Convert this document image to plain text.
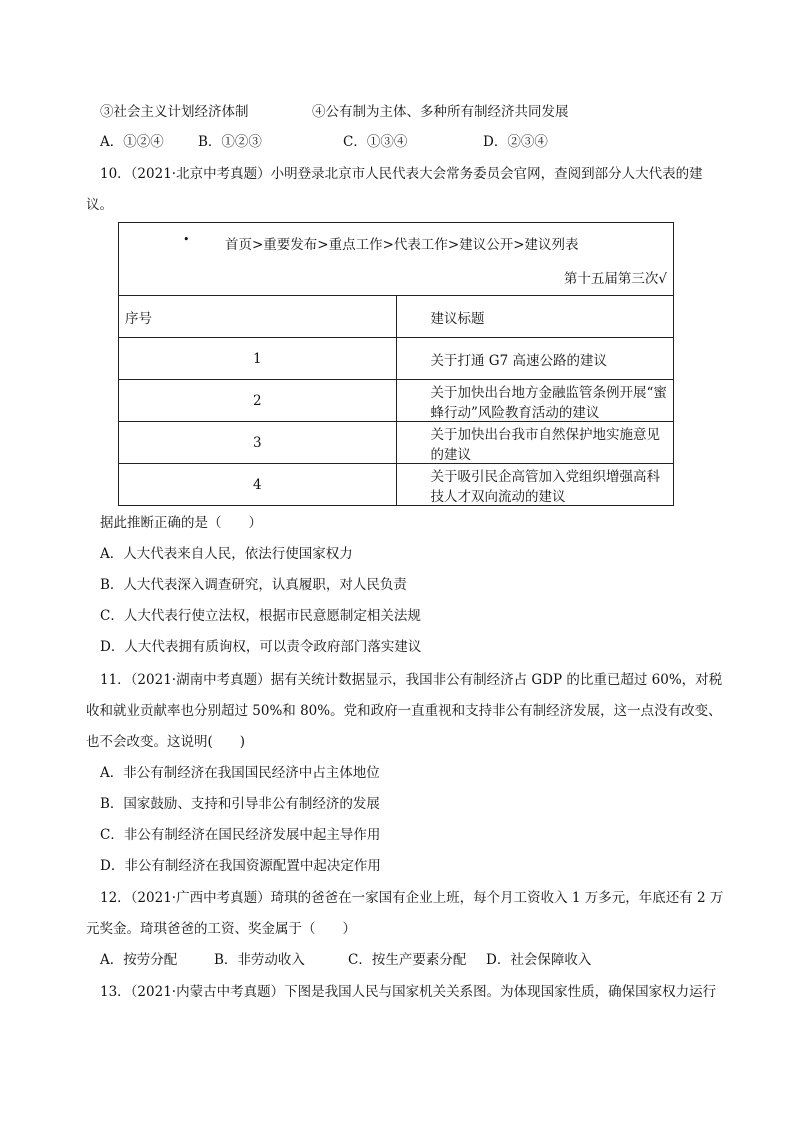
③社会主义计划经济体制	④公有制为主体、多种所有制经济共同发展
A．①②④	B．①②③	C．①③④	D．②③④
10．（2021·北京中考真题）小明登录北京市人民代表大会常务委员会官网，查阅到部分人大代表的建
议。
• 首页>重要发布>重点工作>代表工作>建议公开>建议列表
第十五届第三次√	

序号	建议标题
1	关于打通 G7 高速公路的建议
2	关于加快出台地方金融监管条例开展“蜜蜂行动”风险教育活动的建议
3	关于加快出台我市自然保护地实施意见的建议
4	关于吸引民企高管加入党组织增强高科技人才双向流动的建议
据此推断正确的是（　　）
A．人大代表来自人民，依法行使国家权力
B．人大代表深入调查研究，认真履职，对人民负责
C．人大代表行使立法权，根据市民意愿制定相关法规
D．人大代表拥有质询权，可以责令政府部门落实建议
11．（2021·湖南中考真题）据有关统计数据显示，我国非公有制经济占 GDP 的比重已超过 60%，对税
收和就业贡献率也分别超过 50%和 80%。党和政府一直重视和支持非公有制经济发展，这一点没有改变、
也不会改变。这说明(　　)
A．非公有制经济在我国国民经济中占主体地位
B．国家鼓励、支持和引导非公有制经济的发展
C．非公有制经济在国民经济发展中起主导作用
D．非公有制经济在我国资源配置中起决定作用
12．（2021·广西中考真题）琦琪的爸爸在一家国有企业上班，每个月工资收入 1 万多元，年底还有 2 万
元奖金。琦琪爸爸的工资、奖金属于（　　）
A．按劳分配	B．非劳动收入	C．按生产要素分配 D．社会保障收入
13．（2021·内蒙古中考真题）下图是我国人民与国家机关关系图。为体现国家性质，确保国家权力运行
